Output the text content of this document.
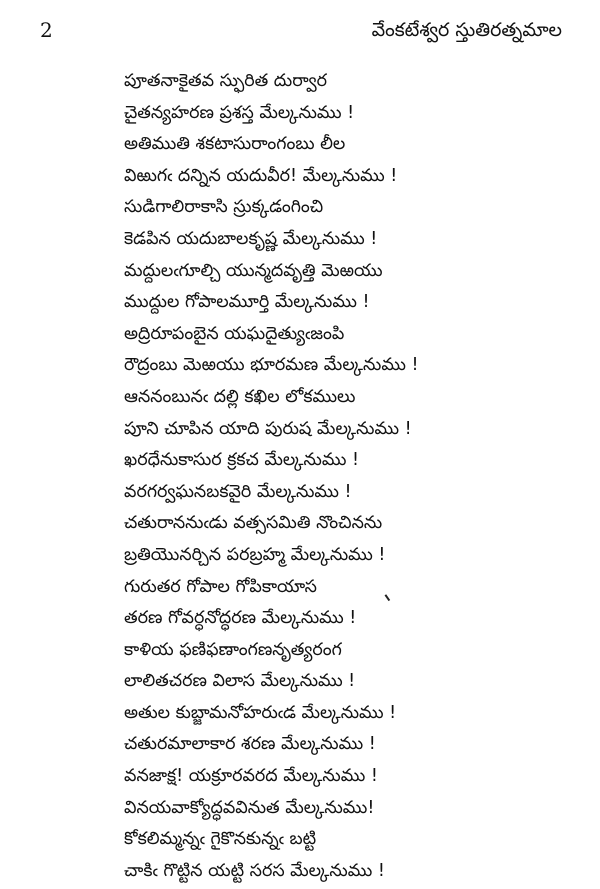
2	వేంకటేశ్వర స్తుతిరత్నమాల
పూతనాకైతవ స్ఫురిత దుర్వార
చైతన్యహరణ ప్రశస్త మేల్కనుము !
అతిముతి శకటాసురాంగంబు లీల
విఱుగఁ దన్నిన యదువీర! మేల్కనుము !
సుడిగాలిరాకాసి స్రుక్కడంగించి
కెడపిన యదుబాలకృష్ణ మేల్కనుము !
మద్దులఁగూల్చి యున్మదవృత్తి మెఱయు
ముద్దుల గోపాలమూర్తి మేల్కనుము !
అద్రిరూపంబైన యఘదైత్యుఁజంపి
రౌద్రంబు మెఱయు భూరమణ మేల్కనుము !
ఆననంబునఁ దల్లి కఖిల లోకములు
పూని చూపిన యాది పురుష మేల్కనుము !
ఖరధేనుకాసుర క్రకచ మేల్కనుము !
వరగర్వఘనబకవైరి మేల్కనుము !
చతురాననుఁడు వత్ససమితి నొంచినను
బ్రతియొనర్చిన పరబ్రహ్మ మేల్కనుము !
గురుతర గోపాల గోపికాయాస
తరణ గోవర్ధనోద్ధరణ మేల్కనుము !
కాళియ ఫణిఫణాంగణనృత్యరంగ
లాలితచరణ విలాస మేల్కనుము !
అతుల కుబ్జామనోహరుఁడ మేల్కనుము !
చతురమాలాకార శరణ మేల్కనుము !
వనజాక్ష! యక్రూరవరద మేల్కనుము !
వినయవాక్యోద్ధవవినుత మేల్కనుము!
కోకలిమ్మన్నఁ గైకొనకున్నఁ బట్టి
చాకిఁ గొట్టిన యట్టి సరస మేల్కనుము !
